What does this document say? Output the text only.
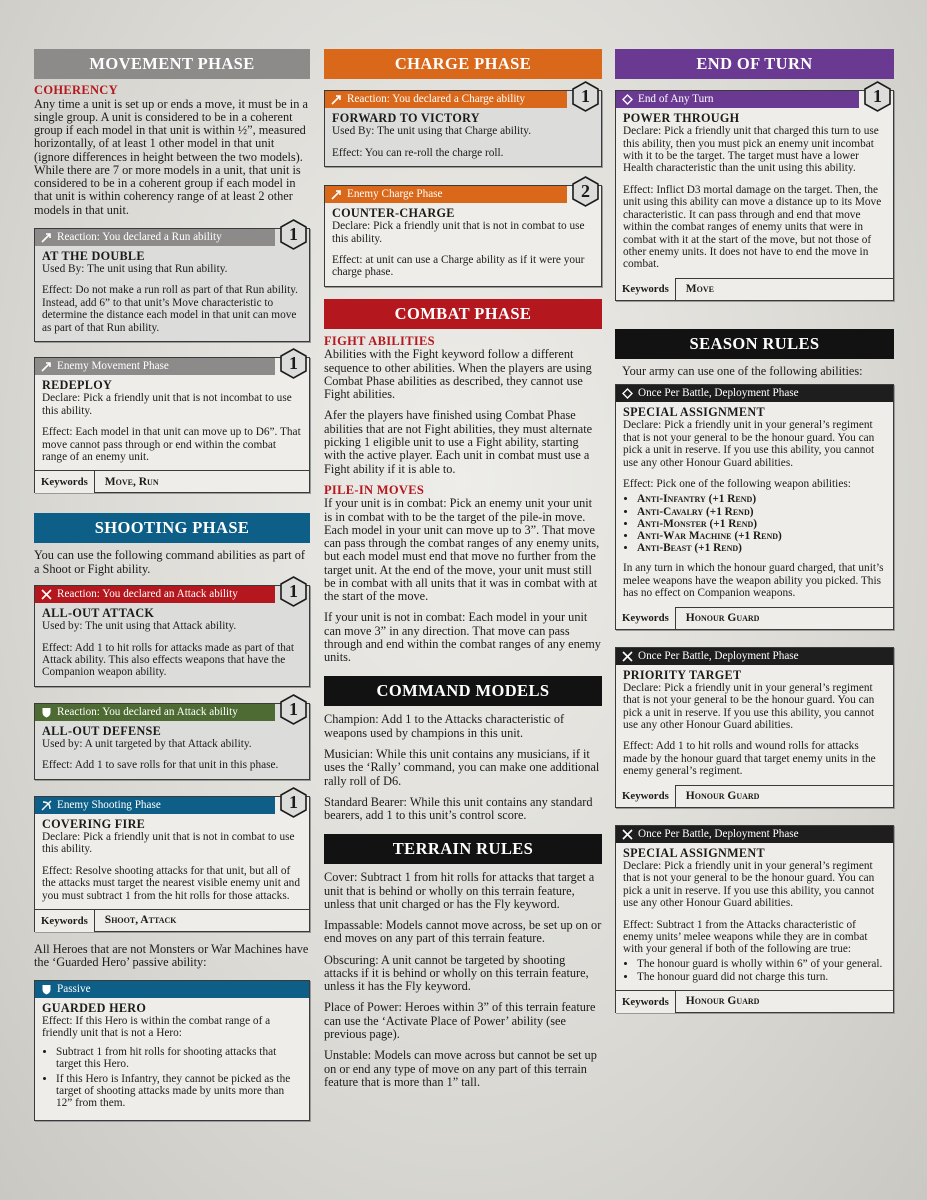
MOVEMENT PHASE
COHERENCY

Any time a unit is set up or ends a move, it must be in a single group. A unit is considered to be in a coherent group if each model in that unit is within ½”, measured horizontally, of at least 1 other model in that unit (ignore differences in height between the two models). While there are 7 or more models in a unit, that unit is considered to be in a coherent group if each model in that unit is within coherency range of at least 2 other models in that unit.

Reaction: You declared a Run ability	1
AT THE DOUBLE
Used By: The unit using that Run ability.
Effect: Do not make a run roll as part of that Run ability. Instead, add 6” to that unit’s Move characteristic to determine the distance each model in that unit can move as part of that Run ability.
Enemy Movement Phase	1
REDEPLOY
Declare: Pick a friendly unit that is not incombat to use this ability.
Effect: Each model in that unit can move up to D6”. That move cannot pass through or end within the combat range of an enemy unit.
Keywords	Move, Run
SHOOTING PHASE

You can use the following command abilities as part of a Shoot or Fight ability.

Reaction: You declared an Attack ability	1
ALL-OUT ATTACK
Used by: The unit using that Attack ability.
Effect: Add 1 to hit rolls for attacks made as part of that Attack ability. This also effects weapons that have the Companion weapon ability.
Reaction: You declared an Attack ability	1
ALL-OUT DEFENSE
Used by: A unit targeted by that Attack ability.
Effect: Add 1 to save rolls for that unit in this phase.
Enemy Shooting Phase	1
COVERING FIRE
Declare: Pick a friendly unit that is not in combat to use this ability.
Effect: Resolve shooting attacks for that unit, but all of the attacks must target the nearest visible enemy unit and you must subtract 1 from the hit rolls for those attacks.
Keywords	Shoot, Attack

All Heroes that are not Monsters or War Machines have the ‘Guarded Hero’ passive ability:

Passive
GUARDED HERO
Effect: If this Hero is within the combat range of a friendly unit that is not a Hero:
• Subtract 1 from hit rolls for shooting attacks that target this Hero.
• If this Hero is Infantry, they cannot be picked as the target of shooting attacks made by units more than 12” from them.
CHARGE PHASE
Reaction: You declared a Charge ability	1
FORWARD TO VICTORY
Used By: The unit using that Charge ability.
Effect: You can re-roll the charge roll.
Enemy Charge Phase	2
COUNTER-CHARGE
Declare: Pick a friendly unit that is not in combat to use this ability.
Effect: at unit can use a Charge ability as if it were your charge phase.
COMBAT PHASE
FIGHT ABILITIES

Abilities with the Fight keyword follow a different sequence to other abilities. When the players are using Combat Phase abilities as described, they cannot use Fight abilities.

Afer the players have finished using Combat Phase abilities that are not Fight abilities, they must alternate picking 1 eligible unit to use a Fight ability, starting with the active player. Each unit in combat must use a Fight ability if it is able to.

PILE-IN MOVES

If your unit is in combat: Pick an enemy unit your unit is in combat with to be the target of the pile-in move. Each model in your unit can move up to 3”. That move can pass through the combat ranges of any enemy units, but each model must end that move no further from the target unit. At the end of the move, your unit must still be in combat with all units that it was in combat with at the start of the move.

If your unit is not in combat: Each model in your unit can move 3” in any direction. That move can pass through and end within the combat ranges of any enemy units.

COMMAND MODELS

Champion: Add 1 to the Attacks characteristic of weapons used by champions in this unit.

Musician: While this unit contains any musicians, if it uses the ‘Rally’ command, you can make one additional rally roll of D6.

Standard Bearer: While this unit contains any standard bearers, add 1 to this unit’s control score.

TERRAIN RULES

Cover: Subtract 1 from hit rolls for attacks that target a unit that is behind or wholly on this terrain feature, unless that unit charged or has the Fly keyword.

Impassable: Models cannot move across, be set up on or end moves on any part of this terrain feature.

Obscuring: A unit cannot be targeted by shooting attacks if it is behind or wholly on this terrain feature, unless it has the Fly keyword.

Place of Power: Heroes within 3” of this terrain feature can use the ‘Activate Place of Power’ ability (see previous page).

Unstable: Models can move across but cannot be set up on or end any type of move on any part of this terrain feature that is more than 1” tall.

END OF TURN
End of Any Turn	1
POWER THROUGH
Declare: Pick a friendly unit that charged this turn to use this ability, then you must pick an enemy unit incombat with it to be the target. The target must have a lower Health characteristic than the unit using this ability.
Effect: Inflict D3 mortal damage on the target. Then, the unit using this ability can move a distance up to its Move characteristic. It can pass through and end that move within the combat ranges of enemy units that were in combat with it at the start of the move, but not those of other enemy units. It does not have to end the move in combat.
Keywords	Move
SEASON RULES

Your army can use one of the following abilities:

Once Per Battle, Deployment Phase
SPECIAL ASSIGNMENT
Declare: Pick a friendly unit in your general’s regiment that is not your general to be the honour guard. You can pick a unit in reserve. If you use this ability, you cannot use any other Honour Guard abilities.
Effect: Pick one of the following weapon abilities:
• Anti-Infantry (+1 Rend)
• Anti-Cavalry (+1 Rend)
• Anti-Monster (+1 Rend)
• Anti-War Machine (+1 Rend)
• Anti-Beast (+1 Rend)
In any turn in which the honour guard charged, that unit’s melee weapons have the weapon ability you picked. This has no effect on Companion weapons.
Keywords	Honour Guard
Once Per Battle, Deployment Phase
PRIORITY TARGET
Declare: Pick a friendly unit in your general’s regiment that is not your general to be the honour guard. You can pick a unit in reserve. If you use this ability, you cannot use any other Honour Guard abilities.
Effect: Add 1 to hit rolls and wound rolls for attacks made by the honour guard that target enemy units in the enemy general’s regiment.
Keywords	Honour Guard
Once Per Battle, Deployment Phase
SPECIAL ASSIGNMENT
Declare: Pick a friendly unit in your general’s regiment that is not your general to be the honour guard. You can pick a unit in reserve. If you use this ability, you cannot use any other Honour Guard abilities.
Effect: Subtract 1 from the Attacks characteristic of enemy units’ melee weapons while they are in combat with your general if both of the following are true:
• The honour guard is wholly within 6” of your general.
• The honour guard did not charge this turn.
Keywords	Honour Guard
